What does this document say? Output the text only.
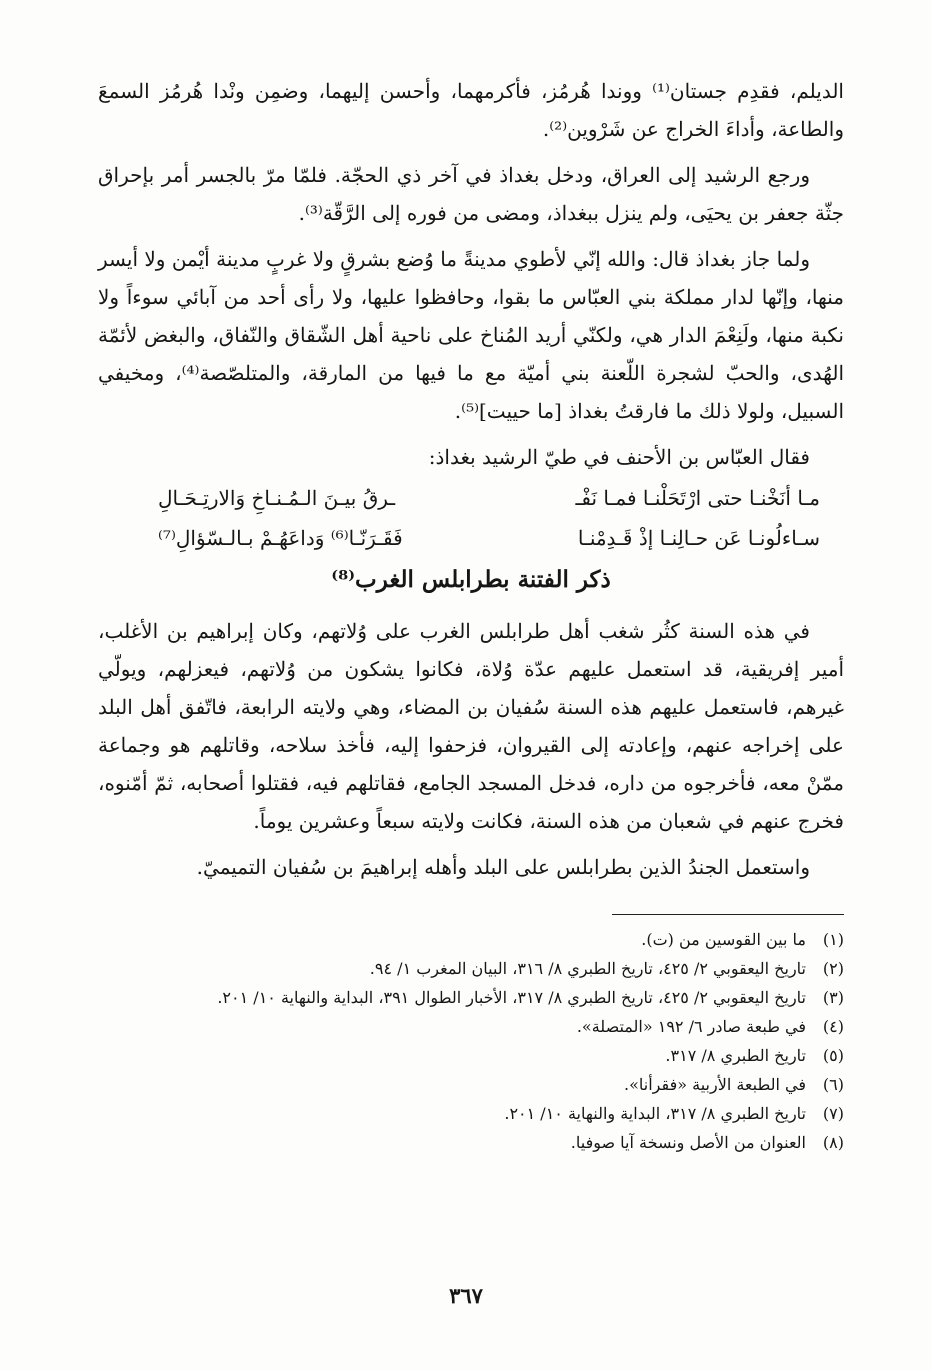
الديلم، فقدِم جستان⁽¹⁾ ووندا هُرمُز، فأكرمهما، وأحسن إليهما، وضمِن ونْدا هُرمُز السمعَ والطاعة، وأداءَ الخراج عن شَرْوين⁽²⁾.

ورجع الرشيد إلى العراق، ودخل بغداذ في آخر ذي الحجّة. فلمّا مرّ بالجسر أمر بإحراق جثّة جعفر بن يحيَى، ولم ينزل ببغداذ، ومضى من فوره إلى الرَّقّة⁽³⁾.

ولما جاز بغداذ قال: والله إنّي لأطوي مدينةً ما وُضع بشرقٍ ولا غربٍ مدينة أيْمن ولا أيسر منها، وإنّها لدار مملكة بني العبّاس ما بقوا، وحافظوا عليها، ولا رأى أحد من آبائي سوءاً ولا نكبة منها، ولَنِعْمَ الدار هي، ولكنّي أريد المُناخ على ناحية أهل الشّقاق والنّفاق، والبغض لأئمّة الهُدى، والحبّ لشجرة اللّعنة بني أميّة مع ما فيها من المارقة، والمتلصّصة⁽⁴⁾، ومخيفي السبيل، ولولا ذلك ما فارقتُ بغداذ [ما حييت]⁽⁵⁾.

فقال العبّاس بن الأحنف في طيّ الرشيد بغداذ:

مـا أنَخْنـا حتى ارْتَحَلْنـا فمـا نَفْـ
ـرقُ بيـنَ الـمُـنـاخِ وَالارتِـحَـالِ
سـاءلُونـا عَن حـالِنـا إذْ قَـدِمْنـا
فَقَـرَنّـا⁽⁶⁾ وَداعَهُـمْ بـالـسّؤالِ⁽⁷⁾
ذكر الفتنة بطرابلس الغرب⁽⁸⁾

في هذه السنة كثُر شغب أهل طرابلس الغرب على وُلاتهم، وكان إبراهيم بن الأغلب، أمير إفريقية، قد استعمل عليهم عدّة وُلاة، فكانوا يشكون من وُلاتهم، فيعزلهم، ويولّي غيرهم، فاستعمل عليهم هذه السنة سُفيان بن المضاء، وهي ولايته الرابعة، فاتّفق أهل البلد على إخراجه عنهم، وإعادته إلى القيروان، فزحفوا إليه، فأخذ سلاحه، وقاتلهم هو وجماعة ممّنْ معه، فأخرجوه من داره، فدخل المسجد الجامع، فقاتلهم فيه، فقتلوا أصحابه، ثمّ أمّنوه، فخرج عنهم في شعبان من هذه السنة، فكانت ولايته سبعاً وعشرين يوماً.

واستعمل الجندُ الذين بطرابلس على البلد وأهله إبراهيمَ بن سُفيان التميميّ.

(١)
ما بين القوسين من (ت).
(٢)
تاريخ اليعقوبي ٢/ ٤٢٥، تاريخ الطبري ٨/ ٣١٦، البيان المغرب ١/ ٩٤.
(٣)
تاريخ اليعقوبي ٢/ ٤٢٥، تاريخ الطبري ٨/ ٣١٧، الأخبار الطوال ٣٩١، البداية والنهاية ١٠/ ٢٠١.
(٤)
في طبعة صادر ٦/ ١٩٢ «المتصلة».
(٥)
تاريخ الطبري ٨/ ٣١٧.
(٦)
في الطبعة الأربية «فقرأنا».
(٧)
تاريخ الطبري ٨/ ٣١٧، البداية والنهاية ١٠/ ٢٠١.
(٨)
العنوان من الأصل ونسخة آيا صوفيا.
٣٦٧
